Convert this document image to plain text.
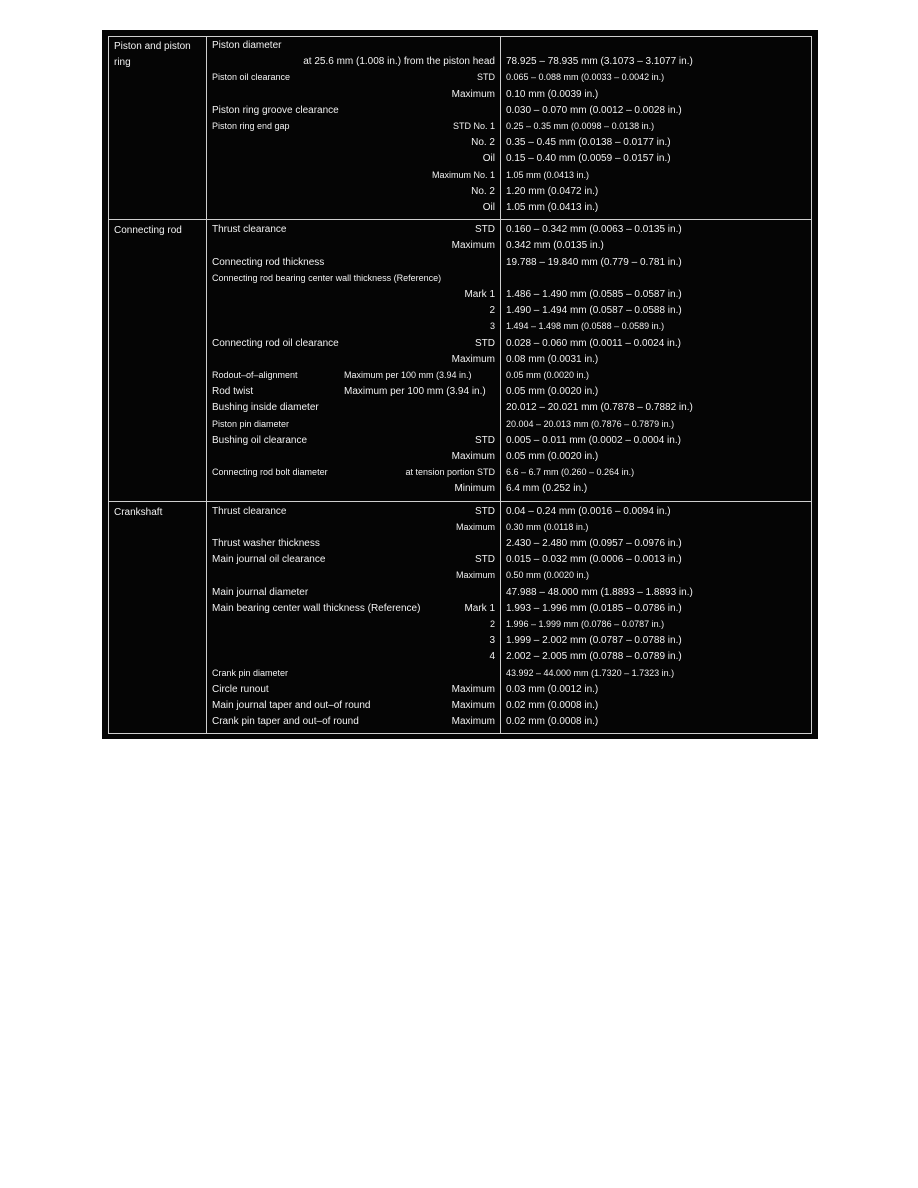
Piston and piston ring
Piston diameter
at 25.6 mm (1.008 in.) from the piston head 78.925 – 78.935 mm (3.1073 – 3.1077 in.)
Piston oil clearance	STD 0.065 – 0.088 mm (0.0033 – 0.0042 in.)
Maximum 0.10 mm (0.0039 in.)
Piston ring groove clearance	0.030 – 0.070 mm (0.0012 – 0.0028 in.)
Piston ring end gap	STD No. 1 0.25 – 0.35 mm (0.0098 – 0.0138 in.)
No. 2 0.35 – 0.45 mm (0.0138 – 0.0177 in.)
Oil 0.15 – 0.40 mm (0.0059 – 0.0157 in.)
Maximum No. 1 1.05 mm (0.0413 in.)
No. 2 1.20 mm (0.0472 in.)
Oil 1.05 mm (0.0413 in.)
Connecting rod	Thrust clearance	STD 0.160 – 0.342 mm (0.0063 – 0.0135 in.)
Maximum 0.342 mm (0.0135 in.)
Connecting rod thickness	19.788 – 19.840 mm (0.779 – 0.781 in.)
Connecting rod bearing center wall thickness (Reference)
Mark 1 1.486 – 1.490 mm (0.0585 – 0.0587 in.)
2 1.490 – 1.494 mm (0.0587 – 0.0588 in.)
3 1.494 – 1.498 mm (0.0588 – 0.0589 in.)
Connecting rod oil clearance	STD 0.028 – 0.060 mm (0.0011 – 0.0024 in.)
Maximum 0.08 mm (0.0031 in.)
Rodout–of–alignment	Maximum per 100 mm (3.94 in.)	0.05 mm (0.0020 in.)
Rod twist	Maximum per 100 mm (3.94 in.) 0.05 mm (0.0020 in.)
Bushing inside diameter	20.012 – 20.021 mm (0.7878 – 0.7882 in.)
Piston pin diameter	20.004 – 20.013 mm (0.7876 – 0.7879 in.)
Bushing oil clearance	STD 0.005 – 0.011 mm (0.0002 – 0.0004 in.)
Maximum 0.05 mm (0.0020 in.)
Connecting rod bolt diameter	at tension portion STD 6.6 – 6.7 mm (0.260 – 0.264 in.)
Minimum 6.4 mm (0.252 in.)
Crankshaft	Thrust clearance	STD 0.04 – 0.24 mm (0.0016 – 0.0094 in.)
Maximum 0.30 mm (0.0118 in.)
Thrust washer thickness	2.430 – 2.480 mm (0.0957 – 0.0976 in.)
Main journal oil clearance	STD 0.015 – 0.032 mm (0.0006 – 0.0013 in.)
Maximum 0.50 mm (0.0020 in.)
Main journal diameter	47.988 – 48.000 mm (1.8893 – 1.8893 in.)
Main bearing center wall thickness (Reference)	Mark 1 1.993 – 1.996 mm (0.0185 – 0.0786 in.)
2 1.996 – 1.999 mm (0.0786 – 0.0787 in.)
3 1.999 – 2.002 mm (0.0787 – 0.0788 in.)
4 2.002 – 2.005 mm (0.0788 – 0.0789 in.)
Crank pin diameter	43.992 – 44.000 mm (1.7320 – 1.7323 in.)
Circle runout	Maximum 0.03 mm (0.0012 in.)
Main journal taper and out–of round	Maximum 0.02 mm (0.0008 in.)
Crank pin taper and out–of round	Maximum 0.02 mm (0.0008 in.)
